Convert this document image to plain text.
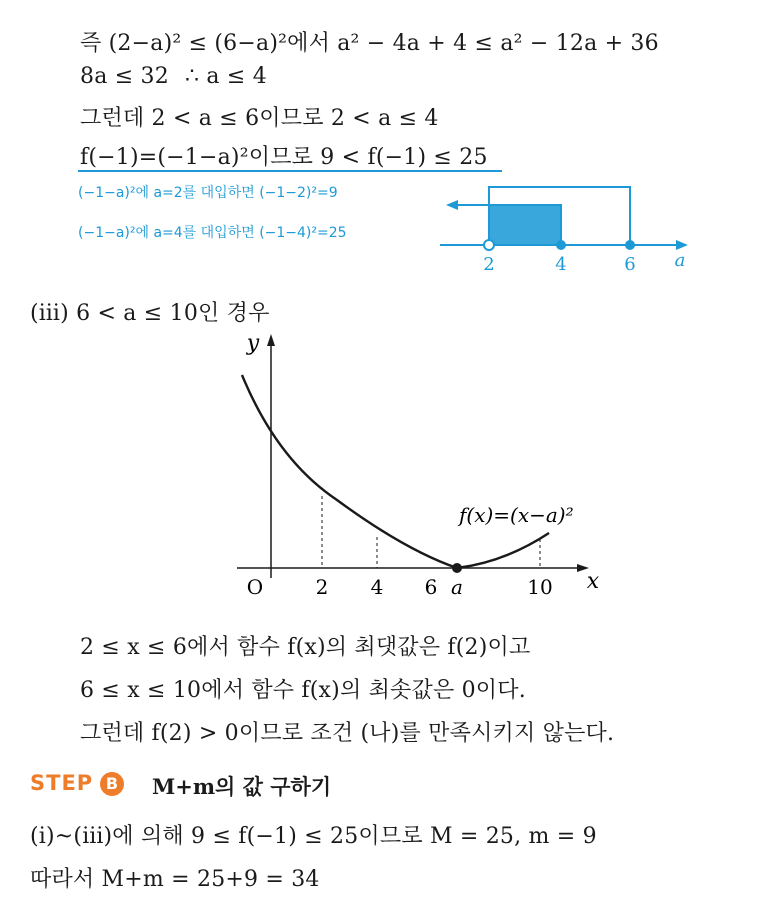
즉 (2−a)² ≤ (6−a)²에서 a² − 4a + 4 ≤ a² − 12a + 36
8a ≤ 32 ∴ a ≤ 4
그런데 2 < a ≤ 6이므로 2 < a ≤ 4
f(−1)=(−1−a)²이므로 9 < f(−1) ≤ 25
(−1−a)²에 a=2를 대입하면 (−1−2)²=9
(−1−a)²에 a=4를 대입하면 (−1−4)²=25
2	4	6 a
(ⅲ) 6 < a ≤ 10인 경우
y
x
O	2 4 6 a	10
f(x)=(x−a)²
2 ≤ x ≤ 6에서 함수 f(x)의 최댓값은 f(2)이고
6 ≤ x ≤ 10에서 함수 f(x)의 최솟값은 0이다.
그런데 f(2) > 0이므로 조건 (나)를 만족시키지 않는다.
STEP B M+m의 값 구하기
(ⅰ)~(ⅲ)에 의해 9 ≤ f(−1) ≤ 25이므로 M = 25, m = 9
따라서 M+m = 25+9 = 34
